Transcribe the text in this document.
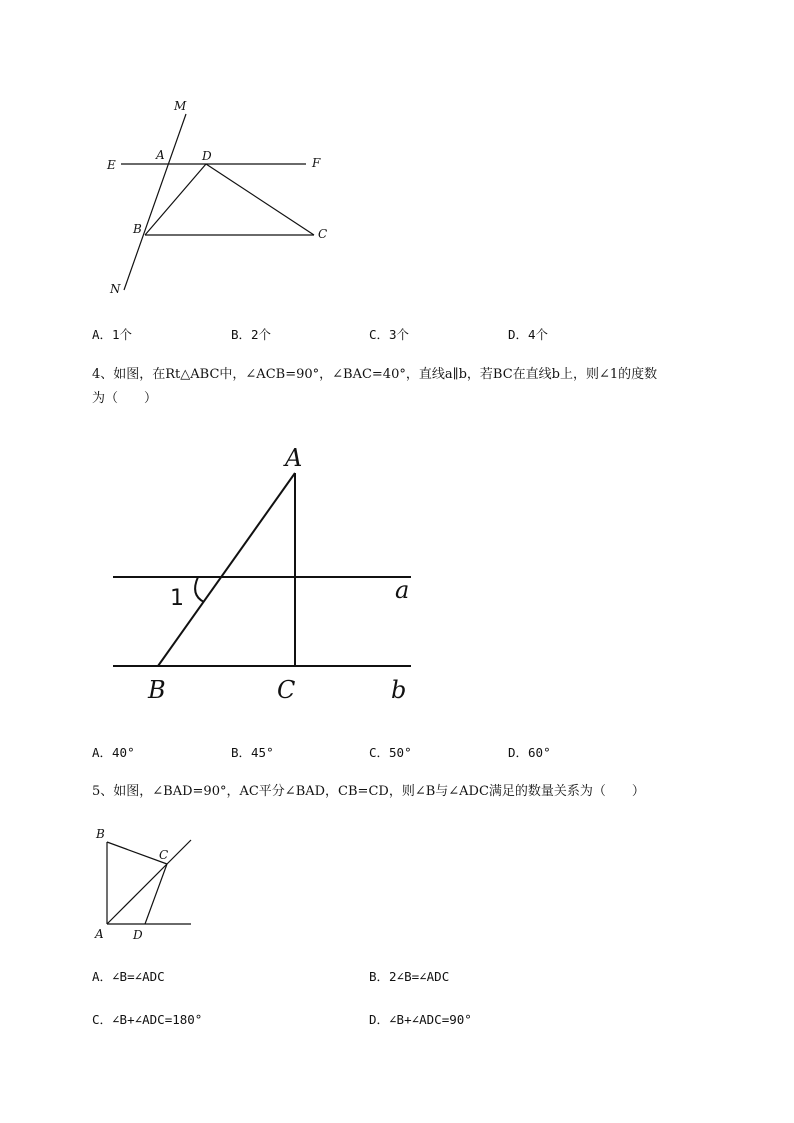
M
E
A	D	F
B	C
N
A．1个	B．2个	C．3个	D．4个
4、如图，在Rt△ABC中，∠ACB=90°，∠BAC=40°，直线a∥b，若BC在直线b上，则∠1的度数
为（　　）
A
1	a
B	C	b
A．40°	B．45°	C．50°	D．60°
5、如图，∠BAD=90°，AC平分∠BAD，CB=CD，则∠B与∠ADC满足的数量关系为（　　）
B
C
A D
A．∠B=∠ADC	B．2∠B=∠ADC
C．∠B+∠ADC=180°	D．∠B+∠ADC=90°
